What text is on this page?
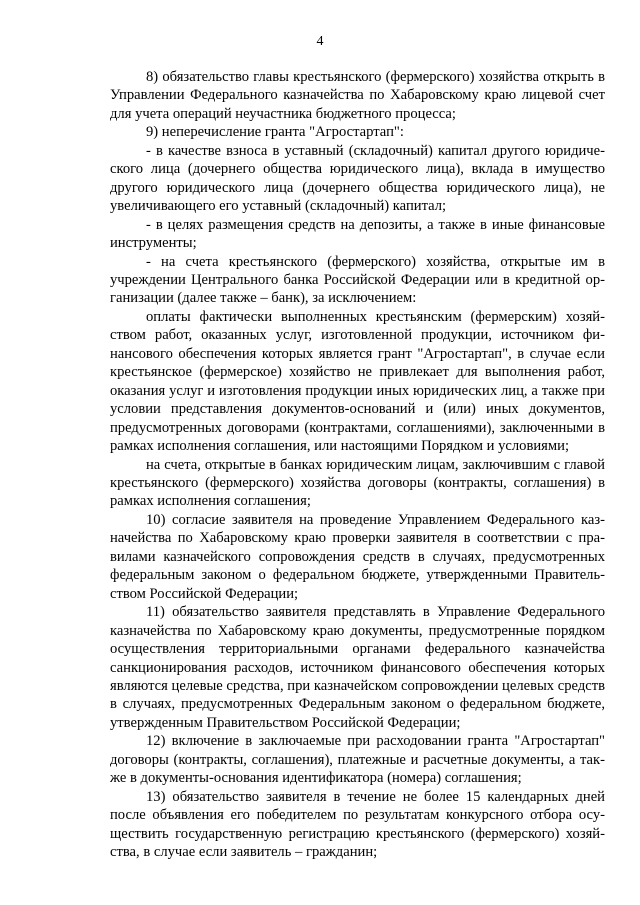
4

8) обязательство главы крестьянского (фермерского) хозяйства открыть в Управлении Федерального казначейства по Хабаровскому краю лицевой счет для учета операций неучастника бюджетного процесса;

9) неперечисление гранта "Агростартап":

- в качестве взноса в уставный (складочный) капитал другого юридического лица (дочернего общества юридического лица), вклада в имущество другого юридического лица (дочернего общества юридического лица), не увеличивающего его уставный (складочный) капитал;

- в целях размещения средств на депозиты, а также в иные финансовые инструменты;

- на счета крестьянского (фермерского) хозяйства, открытые им в учреждении Центрального банка Российской Федерации или в кредитной организации (далее также – банк), за исключением:

оплаты фактически выполненных крестьянским (фермерским) хозяйством работ, оказанных услуг, изготовленной продукции, источником финансового обеспечения которых является грант "Агростартап", в случае если крестьянское (фермерское) хозяйство не привлекает для выполнения работ, оказания услуг и изготовления продукции иных юридических лиц, а также при условии представления документов-оснований и (или) иных документов, предусмотренных договорами (контрактами, соглашениями), заключенными в рамках исполнения соглашения, или настоящими Порядком и условиями;

на счета, открытые в банках юридическим лицам, заключившим с главой крестьянского (фермерского) хозяйства договоры (контракты, соглашения) в рамках исполнения соглашения;

10) согласие заявителя на проведение Управлением Федерального казначейства по Хабаровскому краю проверки заявителя в соответствии с правилами казначейского сопровождения средств в случаях, предусмотренных федеральным законом о федеральном бюджете, утвержденными Правительством Российской Федерации;

11) обязательство заявителя представлять в Управление Федерального казначейства по Хабаровскому краю документы, предусмотренные порядком осуществления территориальными органами федерального казначейства санкционирования расходов, источником финансового обеспечения которых являются целевые средства, при казначейском сопровождении целевых средств в случаях, предусмотренных Федеральным законом о федеральном бюджете, утвержденным Правительством Российской Федерации;

12) включение в заключаемые при расходовании гранта "Агростартап" договоры (контракты, соглашения), платежные и расчетные документы, а также в документы-основания идентификатора (номера) соглашения;

13) обязательство заявителя в течение не более 15 календарных дней после объявления его победителем по результатам конкурсного отбора осуществить государственную регистрацию крестьянского (фермерского) хозяйства, в случае если заявитель – гражданин;
